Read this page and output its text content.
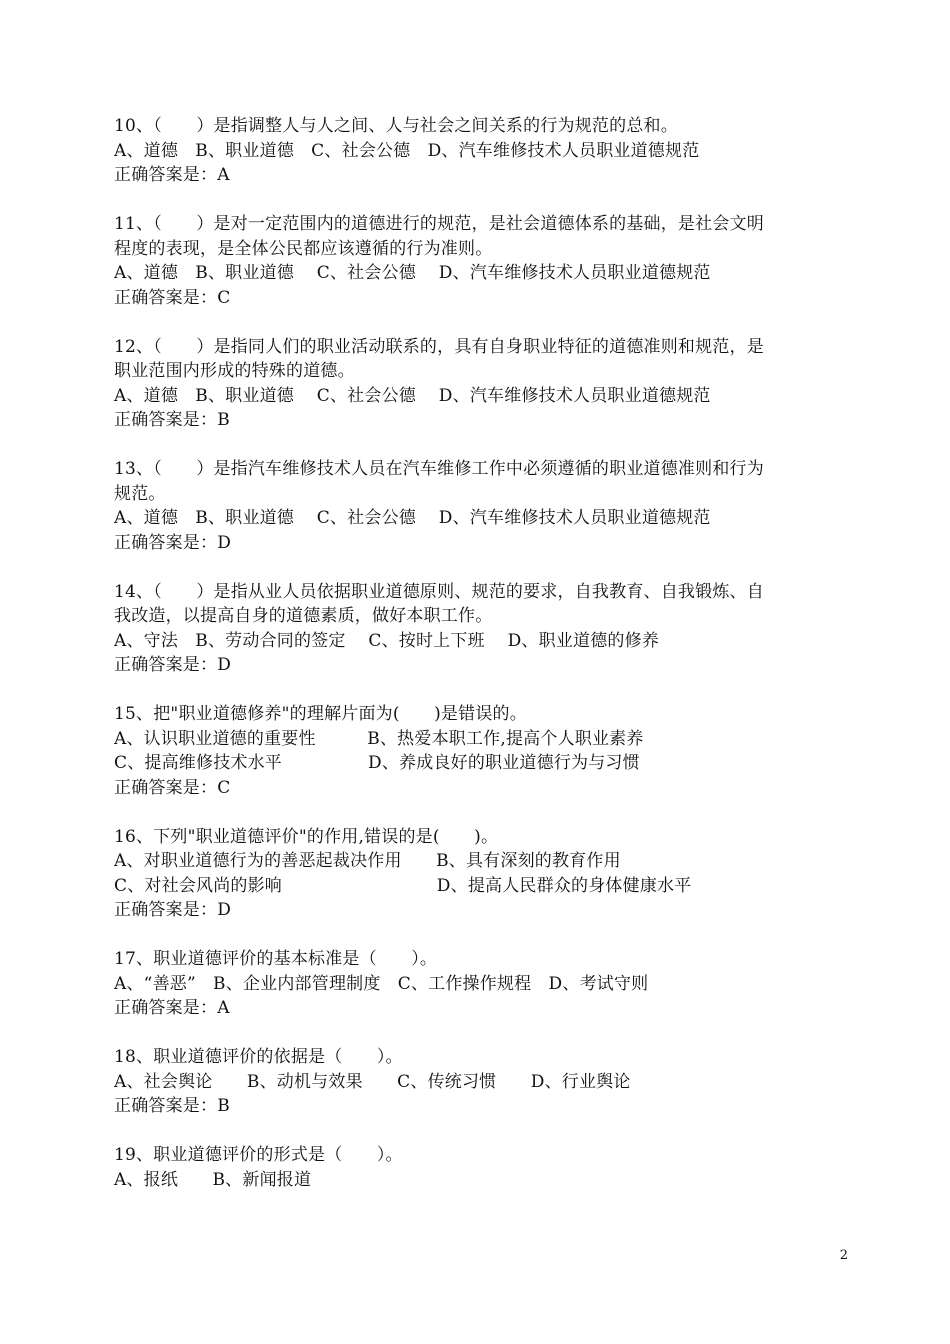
10、（　　）是指调整人与人之间、人与社会之间关系的行为规范的总和。
A、道德　B、职业道德　C、社会公德　D、汽车维修技术人员职业道德规范
正确答案是：A
11、（　　）是对一定范围内的道德进行的规范，是社会道德体系的基础，是社会文明
程度的表现，是全体公民都应该遵循的行为准则。
A、道德　B、职业道德　 C、社会公德　 D、汽车维修技术人员职业道德规范
正确答案是：C
12、（　　）是指同人们的职业活动联系的，具有自身职业特征的道德准则和规范，是
职业范围内形成的特殊的道德。
A、道德　B、职业道德　 C、社会公德　 D、汽车维修技术人员职业道德规范
正确答案是：B
13、（　　）是指汽车维修技术人员在汽车维修工作中必须遵循的职业道德准则和行为
规范。
A、道德　B、职业道德　 C、社会公德　 D、汽车维修技术人员职业道德规范
正确答案是：D
14、（　　）是指从业人员依据职业道德原则、规范的要求，自我教育、自我锻炼、自
我改造，以提高自身的道德素质，做好本职工作。
A、守法　B、劳动合同的签定　 C、按时上下班　 D、职业道德的修养
正确答案是：D
15、把"职业道德修养"的理解片面为(　　)是错误的。
A、认识职业道德的重要性　　　B、热爱本职工作,提高个人职业素养
C、提高维修技术水平　　　　　D、养成良好的职业道德行为与习惯
正确答案是：C
16、下列"职业道德评价"的作用,错误的是(　　)。
A、对职业道德行为的善恶起裁决作用　　B、具有深刻的教育作用
C、对社会风尚的影响　　　　　　　　　D、提高人民群众的身体健康水平
正确答案是：D
17、职业道德评价的基本标准是（　　）。
A、“善恶”　B、企业内部管理制度　C、工作操作规程　D、考试守则
正确答案是：A
18、职业道德评价的依据是（　　）。
A、社会舆论　　B、动机与效果　　C、传统习惯　　D、行业舆论
正确答案是：B
19、职业道德评价的形式是（　　）。
A、报纸　　B、新闻报道
2
